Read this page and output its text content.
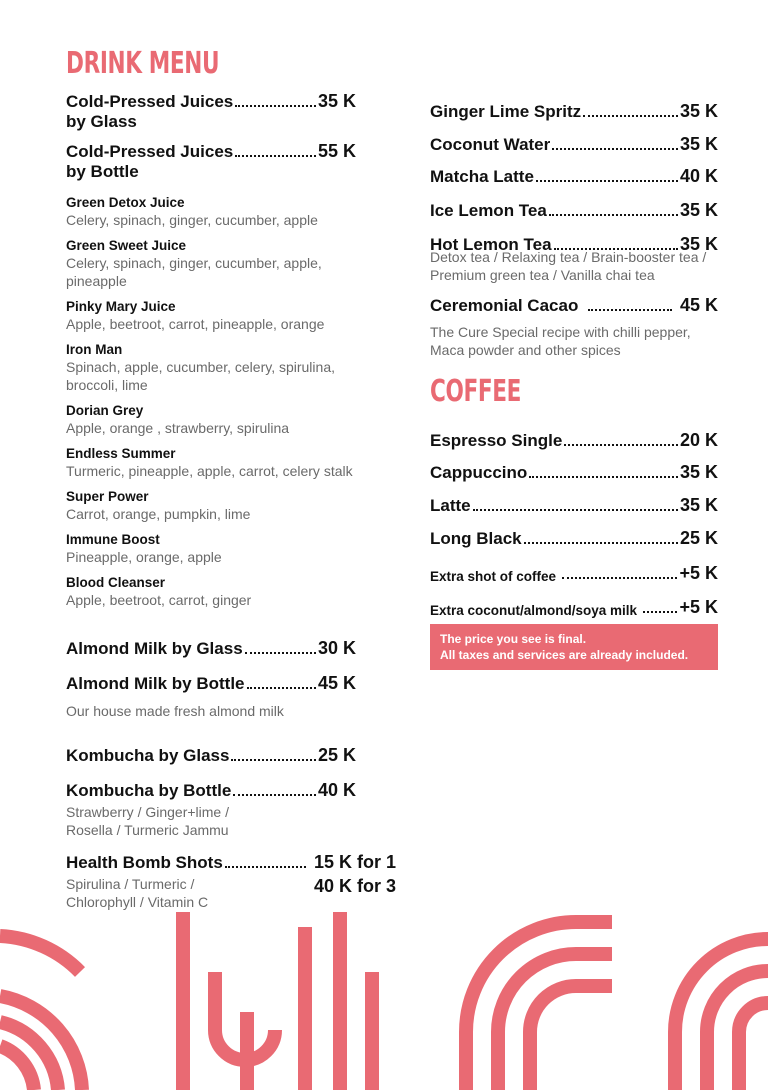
DRINK MENU
Cold-Pressed Juices	35 K
by Glass
Cold-Pressed Juices	55 K
by Bottle
Green Detox Juice
Celery, spinach, ginger, cucumber, apple
Green Sweet Juice
Celery, spinach, ginger, cucumber, apple,
pineapple
Pinky Mary Juice
Apple, beetroot, carrot, pineapple, orange
Iron Man
Spinach, apple, cucumber, celery, spirulina,
broccoli, lime
Dorian Grey
Apple, orange , strawberry, spirulina
Endless Summer
Turmeric, pineapple, apple, carrot, celery stalk
Super Power
Carrot, orange, pumpkin, lime
Immune Boost
Pineapple, orange, apple
Blood Cleanser
Apple, beetroot, carrot, ginger
Almond Milk by Glass	30 K
Almond Milk by Bottle	45 K
Our house made fresh almond milk
Kombucha by Glass	25 K
Kombucha by Bottle	40 K
Strawberry / Ginger+lime /
Rosella / Turmeric Jammu
Health Bomb Shots	15 K for 1
40 K for 3
Spirulina / Turmeric /
Chlorophyll / Vitamin C
Ginger Lime Spritz	35 K
Coconut Water	35 K
Matcha Latte	40 K
Ice Lemon Tea	35 K
Hot Lemon Tea	35 K
Detox tea / Relaxing tea / Brain-booster tea /
Premium green tea / Vanilla chai tea
Ceremonial Cacao	45 K
The Cure Special recipe with chilli pepper,
Maca powder and other spices
COFFEE
Espresso Single	20 K
Cappuccino	35 K
Latte	35 K
Long Black	25 K
Extra shot of coffee	+5 K
Extra coconut/almond/soya milk +5 K
The price you see is final.
All taxes and services are already included.
